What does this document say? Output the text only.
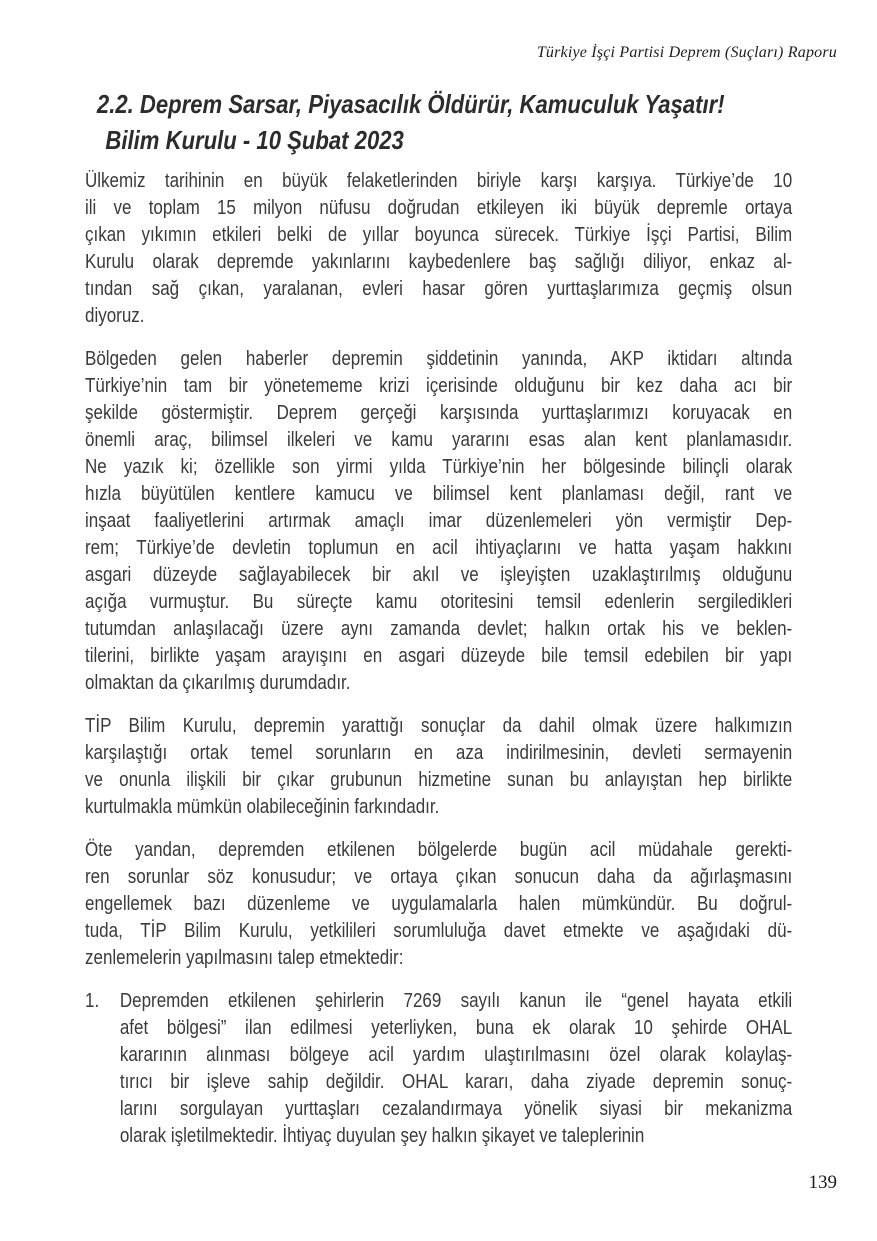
Türkiye İşçi Partisi Deprem (Suçları) Raporu
2.2. Deprem Sarsar, Piyasacılık Öldürür, Kamuculuk Yaşatır!
Bilim Kurulu - 10 Şubat 2023
Ülkemiz tarihinin en büyük felaketlerinden biriyle karşı karşıya. Türkiye’de 10
ili ve toplam 15 milyon nüfusu doğrudan etkileyen iki büyük depremle ortaya
çıkan yıkımın etkileri belki de yıllar boyunca sürecek. Türkiye İşçi Partisi, Bilim
Kurulu olarak depremde yakınlarını kaybedenlere baş sağlığı diliyor, enkaz al-
tından sağ çıkan, yaralanan, evleri hasar gören yurttaşlarımıza geçmiş olsun
diyoruz.
Bölgeden gelen haberler depremin şiddetinin yanında, AKP iktidarı altında
Türkiye’nin tam bir yönetememe krizi içerisinde olduğunu bir kez daha acı bir
şekilde göstermiştir. Deprem gerçeği karşısında yurttaşlarımızı koruyacak en
önemli araç, bilimsel ilkeleri ve kamu yararını esas alan kent planlamasıdır.
Ne yazık ki; özellikle son yirmi yılda Türkiye’nin her bölgesinde bilinçli olarak
hızla büyütülen kentlere kamucu ve bilimsel kent planlaması değil, rant ve
inşaat faaliyetlerini artırmak amaçlı imar düzenlemeleri yön vermiştir Dep-
rem; Türkiye’de devletin toplumun en acil ihtiyaçlarını ve hatta yaşam hakkını
asgari düzeyde sağlayabilecek bir akıl ve işleyişten uzaklaştırılmış olduğunu
açığa vurmuştur. Bu süreçte kamu otoritesini temsil edenlerin sergiledikleri
tutumdan anlaşılacağı üzere aynı zamanda devlet; halkın ortak his ve beklen-
tilerini, birlikte yaşam arayışını en asgari düzeyde bile temsil edebilen bir yapı
olmaktan da çıkarılmış durumdadır.
TİP Bilim Kurulu, depremin yarattığı sonuçlar da dahil olmak üzere halkımızın
karşılaştığı ortak temel sorunların en aza indirilmesinin, devleti sermayenin
ve onunla ilişkili bir çıkar grubunun hizmetine sunan bu anlayıştan hep birlikte
kurtulmakla mümkün olabileceğinin farkındadır.
Öte yandan, depremden etkilenen bölgelerde bugün acil müdahale gerekti-
ren sorunlar söz konusudur; ve ortaya çıkan sonucun daha da ağırlaşmasını
engellemek bazı düzenleme ve uygulamalarla halen mümkündür. Bu doğrul-
tuda, TİP Bilim Kurulu, yetkilileri sorumluluğa davet etmekte ve aşağıdaki dü-
zenlemelerin yapılmasını talep etmektedir:
1.	Depremden etkilenen şehirlerin 7269 sayılı kanun ile “genel hayata etkili
afet bölgesi” ilan edilmesi yeterliyken, buna ek olarak 10 şehirde OHAL
kararının alınması bölgeye acil yardım ulaştırılmasını özel olarak kolaylaş-
tırıcı bir işleve sahip değildir. OHAL kararı, daha ziyade depremin sonuç-
larını sorgulayan yurttaşları cezalandırmaya yönelik siyasi bir mekanizma
olarak işletilmektedir. İhtiyaç duyulan şey halkın şikayet ve taleplerinin
139
